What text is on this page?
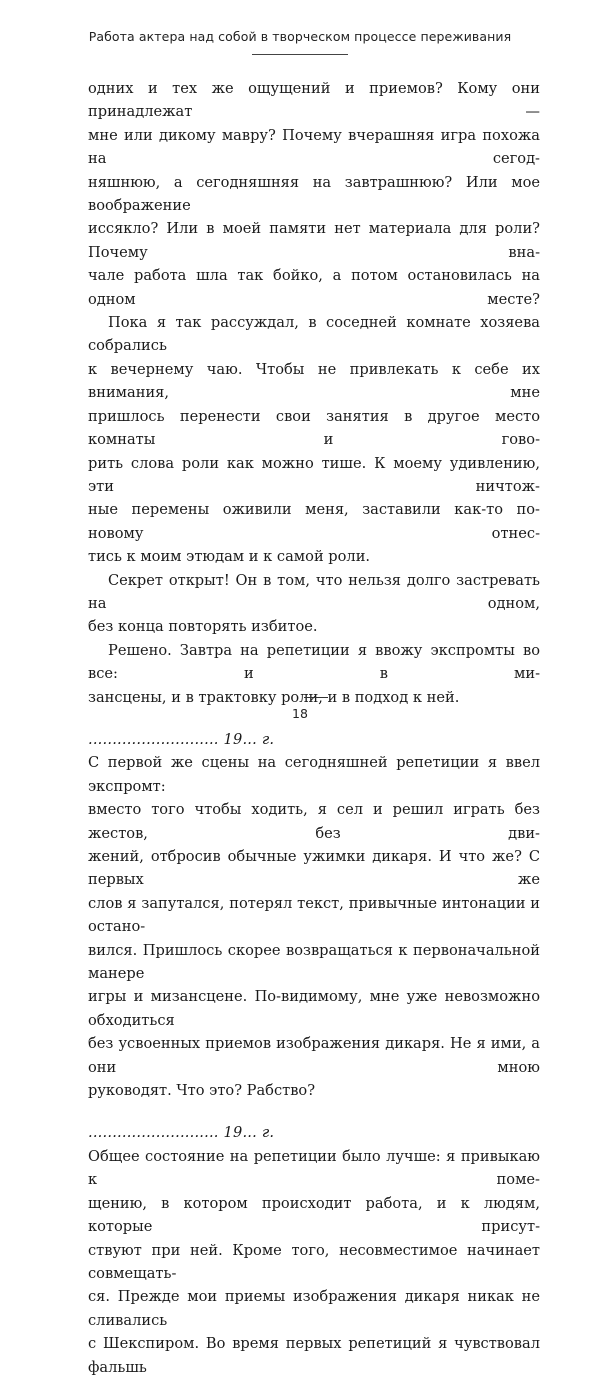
Работа актера над собой в творческом процессе переживания

одних и тех же ощущений и приемов? Кому они принадлежат —

мне или дикому мавру? Почему вчерашняя игра похожа на сегод-

няшнюю, а сегодняшняя на завтрашнюю? Или мое воображение

иссякло? Или в моей памяти нет материала для роли? Почему вна-

чале работа шла так бойко, а потом остановилась на одном месте?

Пока я так рассуждал, в соседней комнате хозяева собрались

к вечернему чаю. Чтобы не привлекать к себе их внимания, мне

пришлось перенести свои занятия в другое место комнаты и гово-

рить слова роли как можно тише. К моему удивлению, эти ничтож-

ные перемены оживили меня, заставили как-то по-новому отнес-

тись к моим этюдам и к самой роли.

Секрет открыт! Он в том, что нельзя долго застревать на одном,

без конца повторять избитое.

Решено. Завтра на репетиции я ввожу экспромты во все: и в ми-

зансцены, и в трактовку роли, и в подход к ней.

........................... 19... г.

С первой же сцены на сегодняшней репетиции я ввел экспромт:

вместо того чтобы ходить, я сел и решил играть без жестов, без дви-

жений, отбросив обычные ужимки дикаря. И что же? С первых же

слов я запутался, потерял текст, привычные интонации и остано-

вился. Пришлось скорее возвращаться к первоначальной манере

игры и мизансцене. По-видимому, мне уже невозможно обходиться

без усвоенных приемов изображения дикаря. Не я ими, а они мною

руководят. Что это? Рабство?

........................... 19... г.

Общее состояние на репетиции было лучше: я привыкаю к поме-

щению, в котором происходит работа, и к людям, которые присут-

ствуют при ней. Кроме того, несовместимое начинает совмещать-

ся. Прежде мои приемы изображения дикаря никак не сливались

с Шекспиром. Во время первых репетиций я чувствовал фальшь

18
